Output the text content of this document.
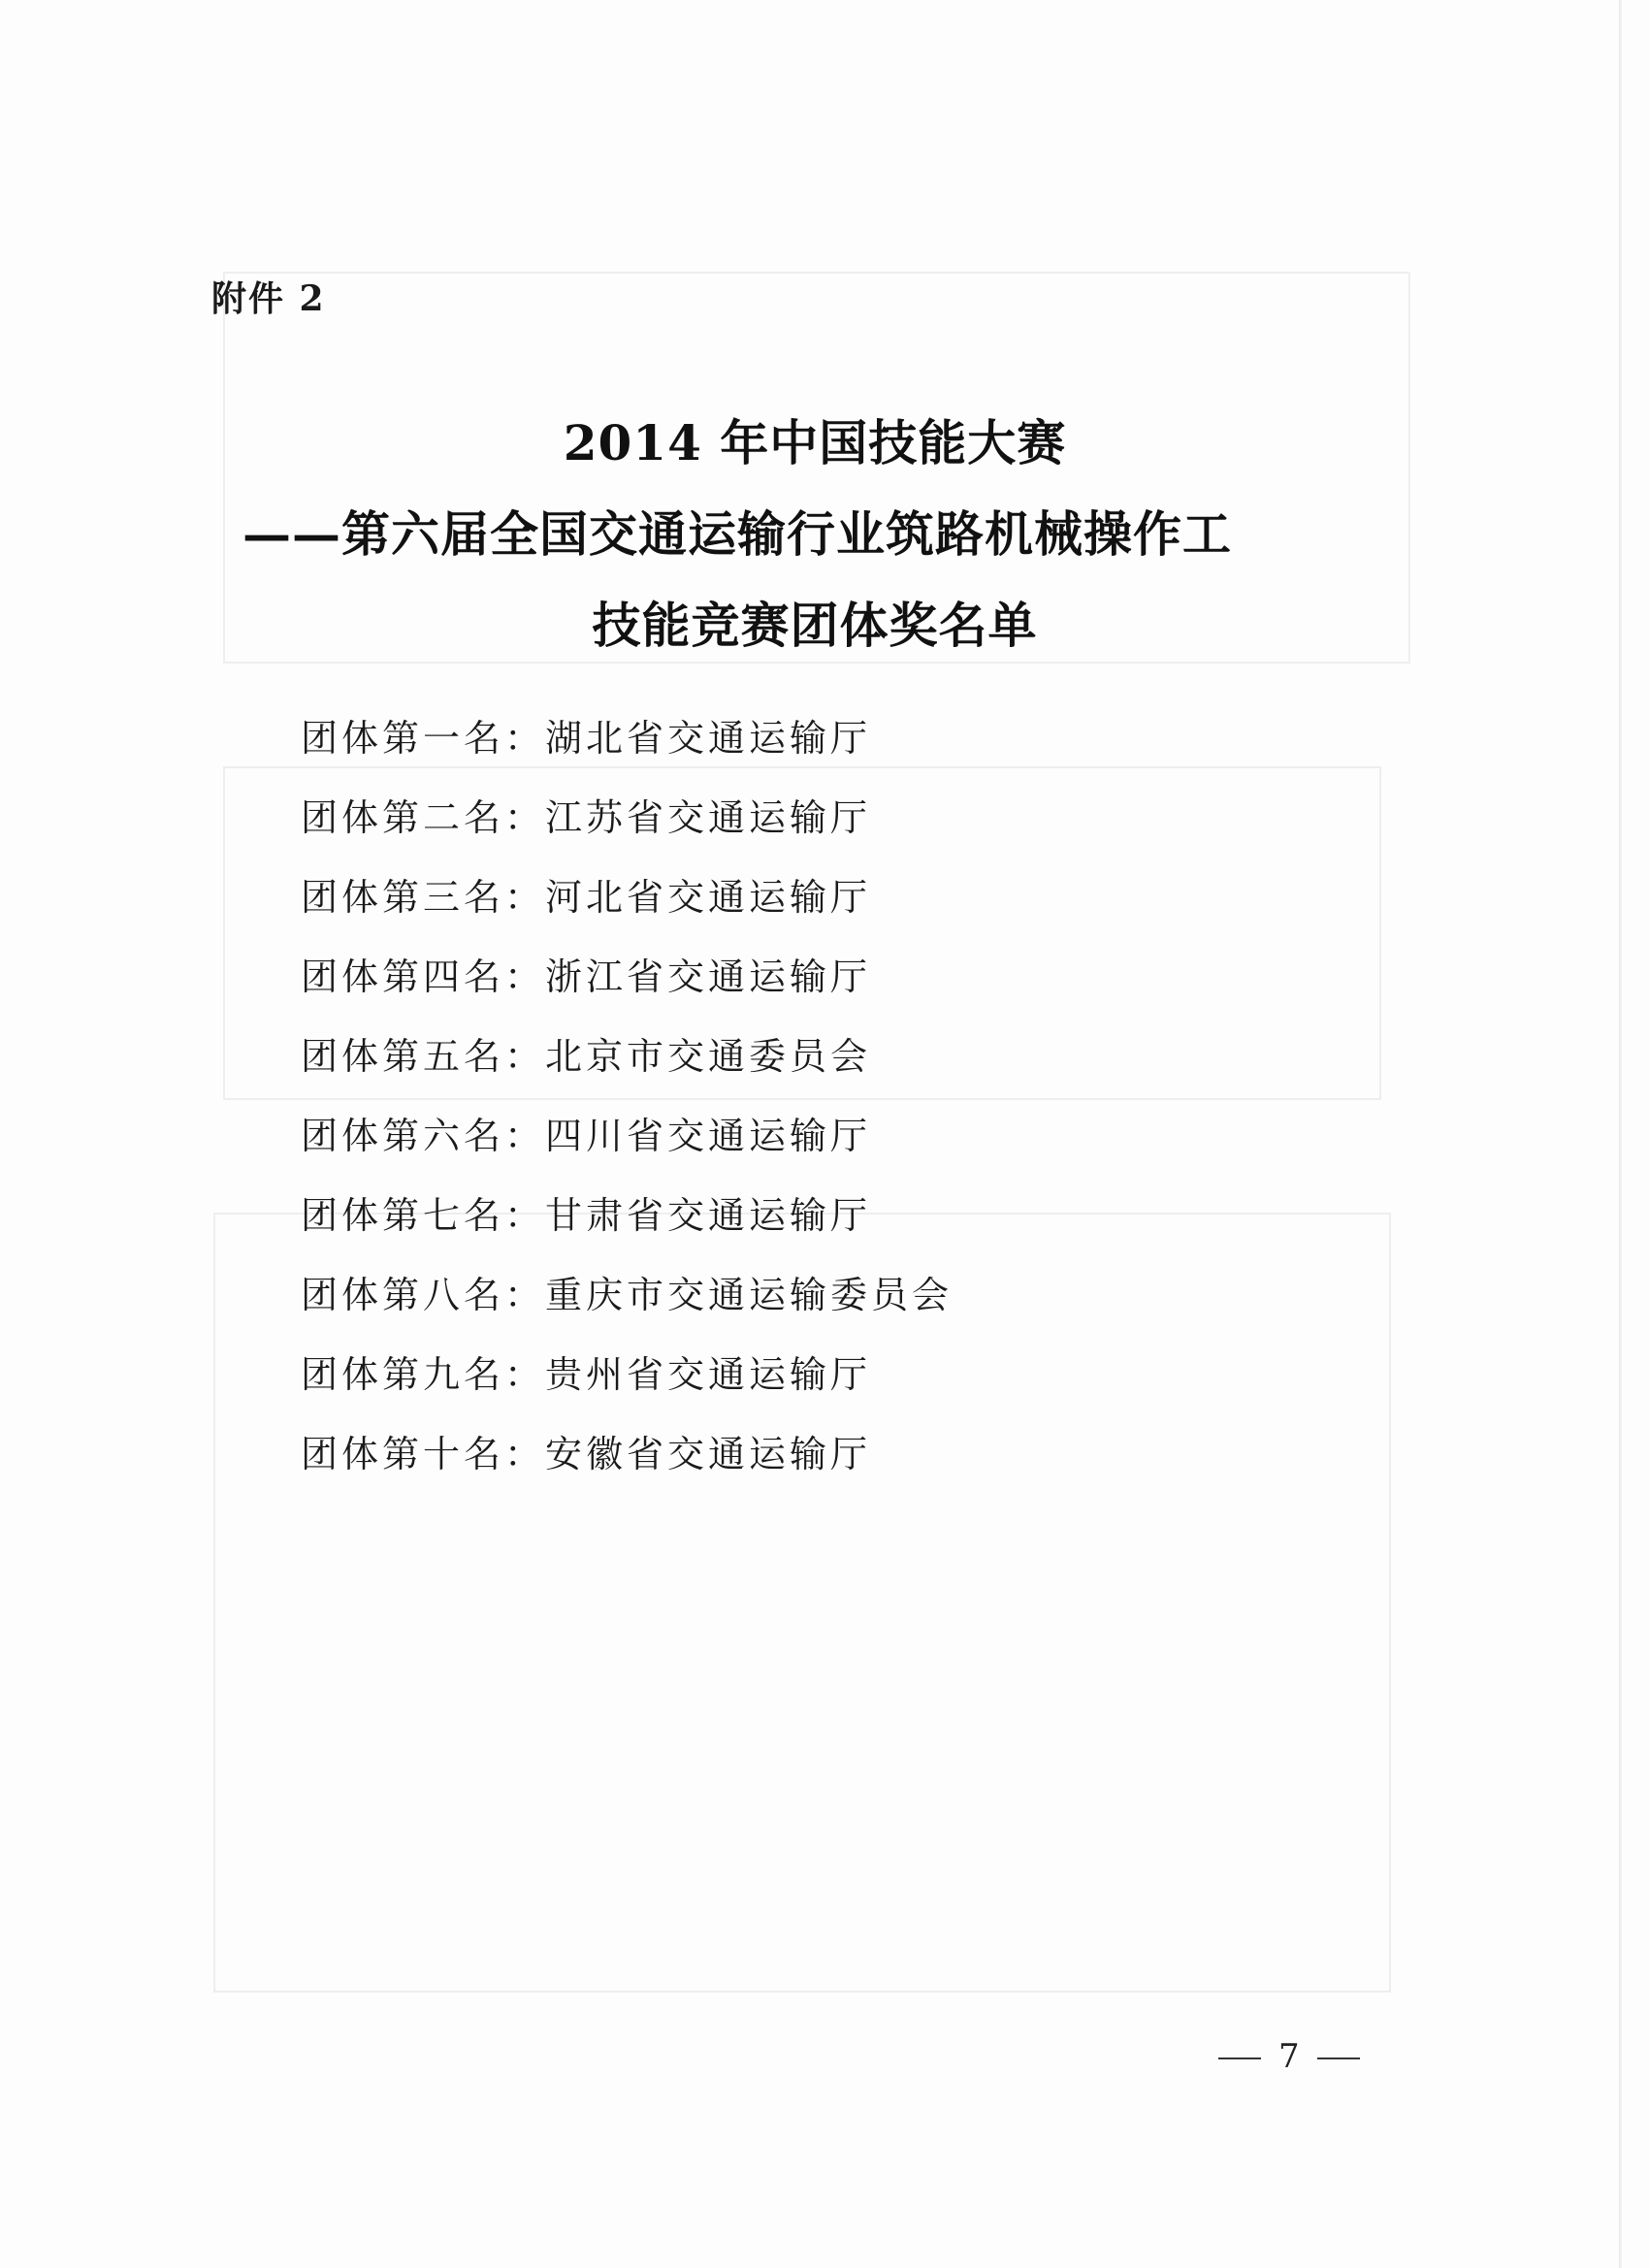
附件 2
2014 年中国技能大赛
——第六届全国交通运输行业筑路机械操作工
技能竞赛团体奖名单
团体第一名：湖北省交通运输厅
团体第二名：江苏省交通运输厅
团体第三名：河北省交通运输厅
团体第四名：浙江省交通运输厅
团体第五名：北京市交通委员会
团体第六名：四川省交通运输厅
团体第七名：甘肃省交通运输厅
团体第八名：重庆市交通运输委员会
团体第九名：贵州省交通运输厅
团体第十名：安徽省交通运输厅
7
